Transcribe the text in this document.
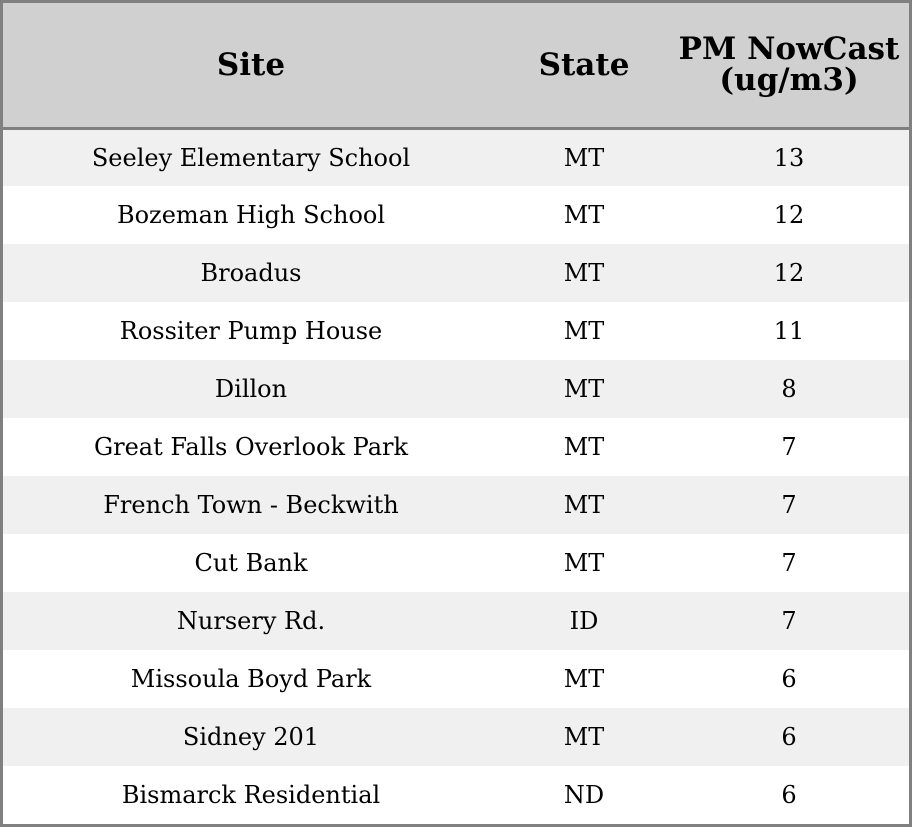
Site	State	PM NowCast (ug/m3)
Seeley Elementary School	MT	13
Bozeman High School	MT	12
Broadus	MT	12
Rossiter Pump House	MT	11
Dillon	MT	8
Great Falls Overlook Park	MT	7
French Town - Beckwith	MT	7
Cut Bank	MT	7
Nursery Rd.	ID	7
Missoula Boyd Park	MT	6
Sidney 201	MT	6
Bismarck Residential	ND	6
